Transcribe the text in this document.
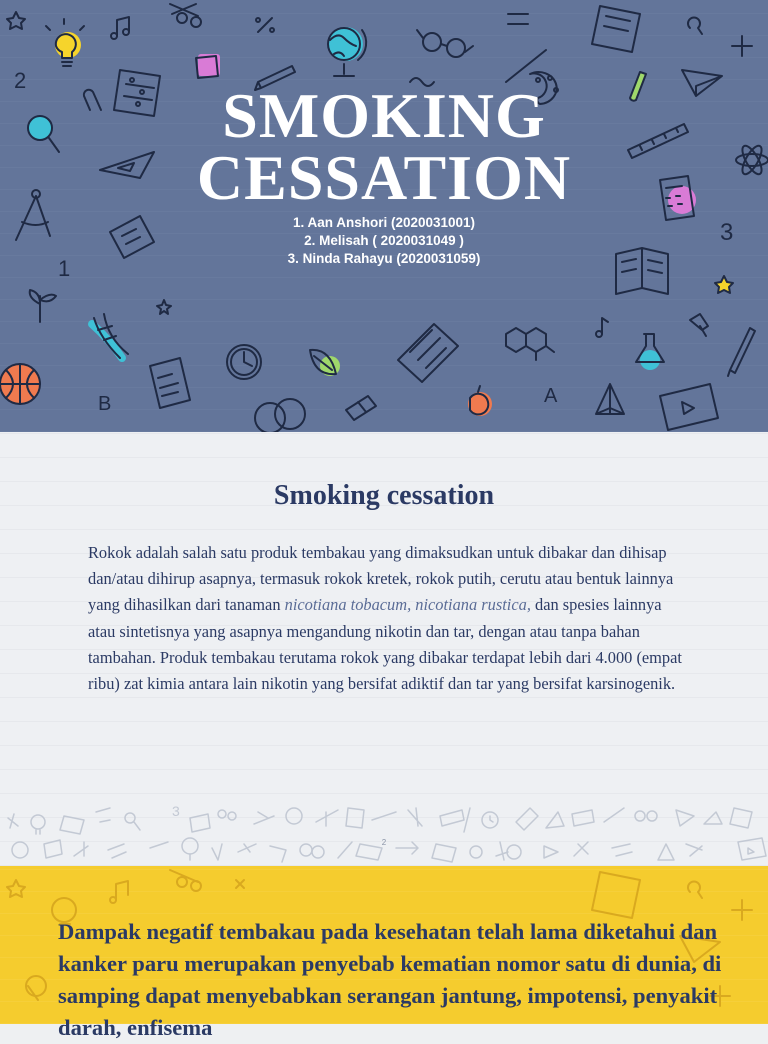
2
1
B	A
3
SMOKING
CESSATION
1. Aan Anshori (2020031001)
2. Melisah ( 2020031049 )
3. Ninda Rahayu (2020031059)
Smoking cessation
Rokok adalah salah satu produk tembakau yang dimaksudkan untuk dibakar dan dihisap dan/atau dihirup asapnya, termasuk rokok kretek, rokok putih, cerutu atau bentuk lainnya yang dihasilkan dari tanaman nicotiana tobacum, nicotiana rustica, dan spesies lainnya atau sintetisnya yang asapnya mengandung nikotin dan tar, dengan atau tanpa bahan tambahan. Produk tembakau terutama rokok yang dibakar terdapat lebih dari 4.000 (empat ribu) zat kimia antara lain nikotin yang bersifat adiktif dan tar yang bersifat karsinogenik.
3
2
Dampak negatif tembakau pada kesehatan telah lama diketahui dan kanker paru merupakan penyebab kematian nomor satu di dunia, di samping dapat menyebabkan serangan jantung, impotensi, penyakit darah, enfisema
